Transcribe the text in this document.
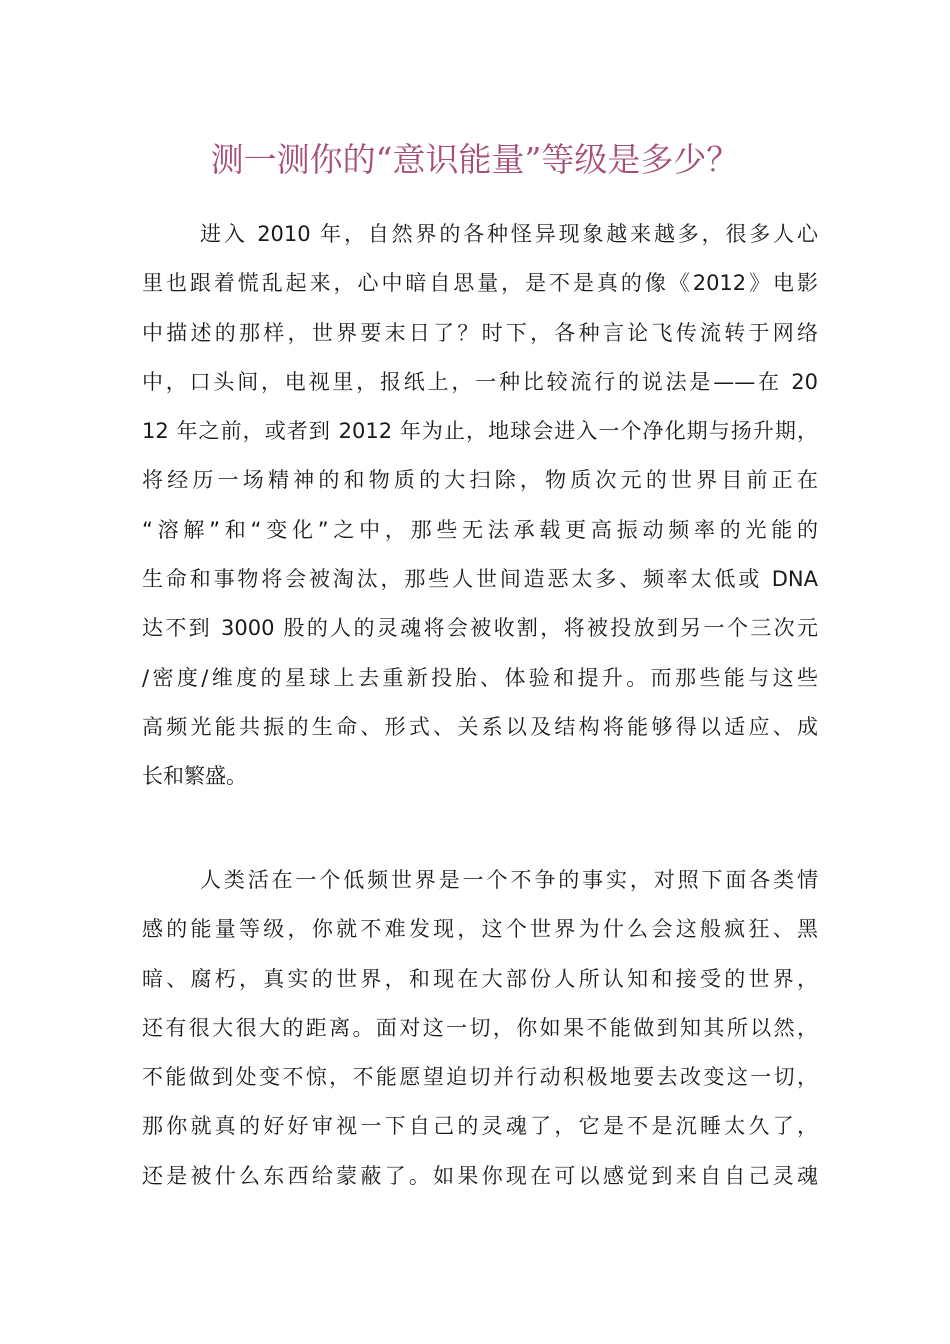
测一测你的“意识能量”等级是多少？
进入 2010 年，自然界的各种怪异现象越来越多，很多人心
里也跟着慌乱起来，心中暗自思量，是不是真的像《2012》电影
中描述的那样，世界要末日了？时下，各种言论飞传流转于网络
中，口头间，电视里，报纸上，一种比较流行的说法是——在 20
12 年之前，或者到 2012 年为止，地球会进入一个净化期与扬升期，
将经历一场精神的和物质的大扫除，物质次元的世界目前正在
“溶解”和“变化”之中，那些无法承载更高振动频率的光能的
生命和事物将会被淘汰，那些人世间造恶太多、频率太低或 DNA
达不到 3000 股的人的灵魂将会被收割，将被投放到另一个三次元
/密度/维度的星球上去重新投胎、体验和提升。而那些能与这些
高频光能共振的生命、形式、关系以及结构将能够得以适应、成
长和繁盛。
人类活在一个低频世界是一个不争的事实，对照下面各类情
感的能量等级，你就不难发现，这个世界为什么会这般疯狂、黑
暗、腐朽，真实的世界，和现在大部份人所认知和接受的世界，
还有很大很大的距离。面对这一切，你如果不能做到知其所以然，
不能做到处变不惊，不能愿望迫切并行动积极地要去改变这一切，
那你就真的好好审视一下自己的灵魂了，它是不是沉睡太久了，
还是被什么东西给蒙蔽了。如果你现在可以感觉到来自自己灵魂
